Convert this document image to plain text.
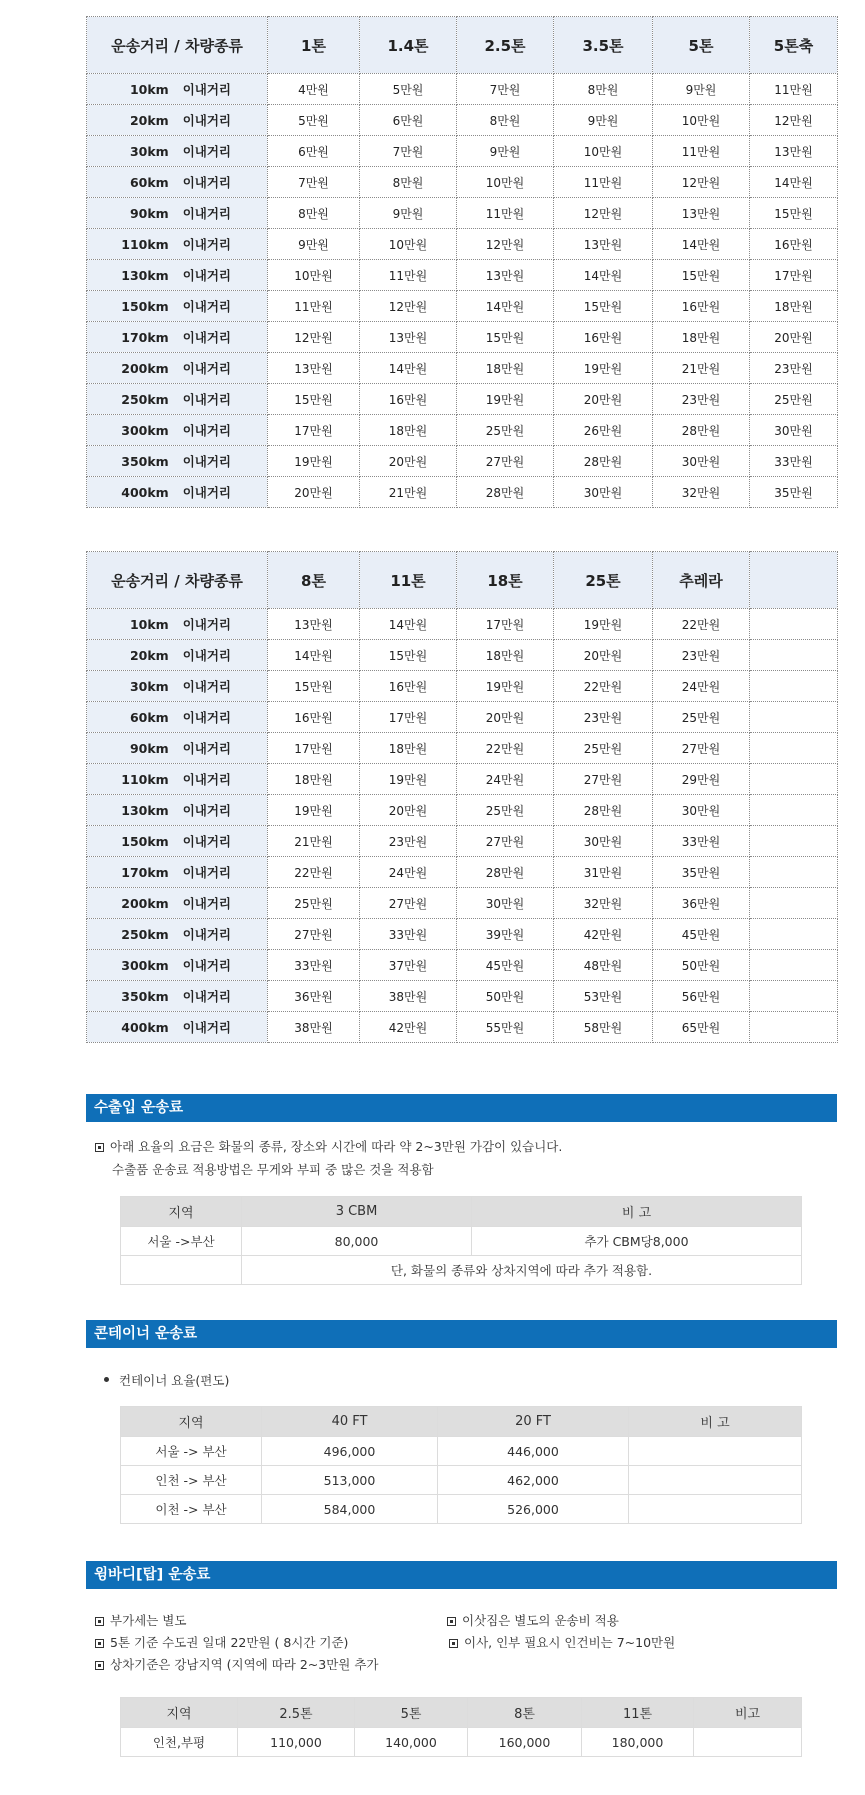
운송거리 / 차량종류	1톤	1.4톤	2.5톤	3.5톤	5톤	5톤축
10km 이내거리	4만원	5만원	7만원	8만원	9만원	11만원
20km 이내거리	5만원	6만원	8만원	9만원	10만원	12만원
30km 이내거리	6만원	7만원	9만원	10만원	11만원	13만원
60km 이내거리	7만원	8만원	10만원	11만원	12만원	14만원
90km 이내거리	8만원	9만원	11만원	12만원	13만원	15만원
110km 이내거리	9만원	10만원	12만원	13만원	14만원	16만원
130km 이내거리	10만원	11만원	13만원	14만원	15만원	17만원
150km 이내거리	11만원	12만원	14만원	15만원	16만원	18만원
170km 이내거리	12만원	13만원	15만원	16만원	18만원	20만원
200km 이내거리	13만원	14만원	18만원	19만원	21만원	23만원
250km 이내거리	15만원	16만원	19만원	20만원	23만원	25만원
300km 이내거리	17만원	18만원	25만원	26만원	28만원	30만원
350km 이내거리	19만원	20만원	27만원	28만원	30만원	33만원
400km 이내거리	20만원	21만원	28만원	30만원	32만원	35만원
운송거리 / 차량종류	8톤	11톤	18톤	25톤	추레라	
10km 이내거리	13만원	14만원	17만원	19만원	22만원	
20km 이내거리	14만원	15만원	18만원	20만원	23만원	
30km 이내거리	15만원	16만원	19만원	22만원	24만원	
60km 이내거리	16만원	17만원	20만원	23만원	25만원	
90km 이내거리	17만원	18만원	22만원	25만원	27만원	
110km 이내거리	18만원	19만원	24만원	27만원	29만원	
130km 이내거리	19만원	20만원	25만원	28만원	30만원	
150km 이내거리	21만원	23만원	27만원	30만원	33만원	
170km 이내거리	22만원	24만원	28만원	31만원	35만원	
200km 이내거리	25만원	27만원	30만원	32만원	36만원	
250km 이내거리	27만원	33만원	39만원	42만원	45만원	
300km 이내거리	33만원	37만원	45만원	48만원	50만원	
350km 이내거리	36만원	38만원	50만원	53만원	56만원	
400km 이내거리	38만원	42만원	55만원	58만원	65만원	
수출입 운송료
아래 요율의 요금은 화물의 종류, 장소와 시간에 따라 약 2~3만원 가감이 있습니다.
수출품 운송료 적용방법은 무게와 부피 중 많은 것을 적용함
지역	3 CBM	비 고
서울 ->부산	80,000	추가 CBM당8,000
	단, 화물의 종류와 상차지역에 따라 추가 적용함.	
콘테이너 운송료
컨테이너 요율(편도)
지역	40 FT	20 FT	비 고
서울 -> 부산	496,000	446,000	
인천 -> 부산	513,000	462,000	
이천 -> 부산	584,000	526,000	
윙바디[탑] 운송료
부가세는 별도
5톤 기준 수도권 일대 22만원 ( 8시간 기준)
상차기준은 강남지역 (지역에 따라 2~3만원 추가
이삿짐은 별도의 운송비 적용
이사, 인부 필요시 인건비는 7~10만원
지역	2.5톤	5톤	8톤	11톤	비고
인천,부평	110,000	140,000	160,000	180,000	
